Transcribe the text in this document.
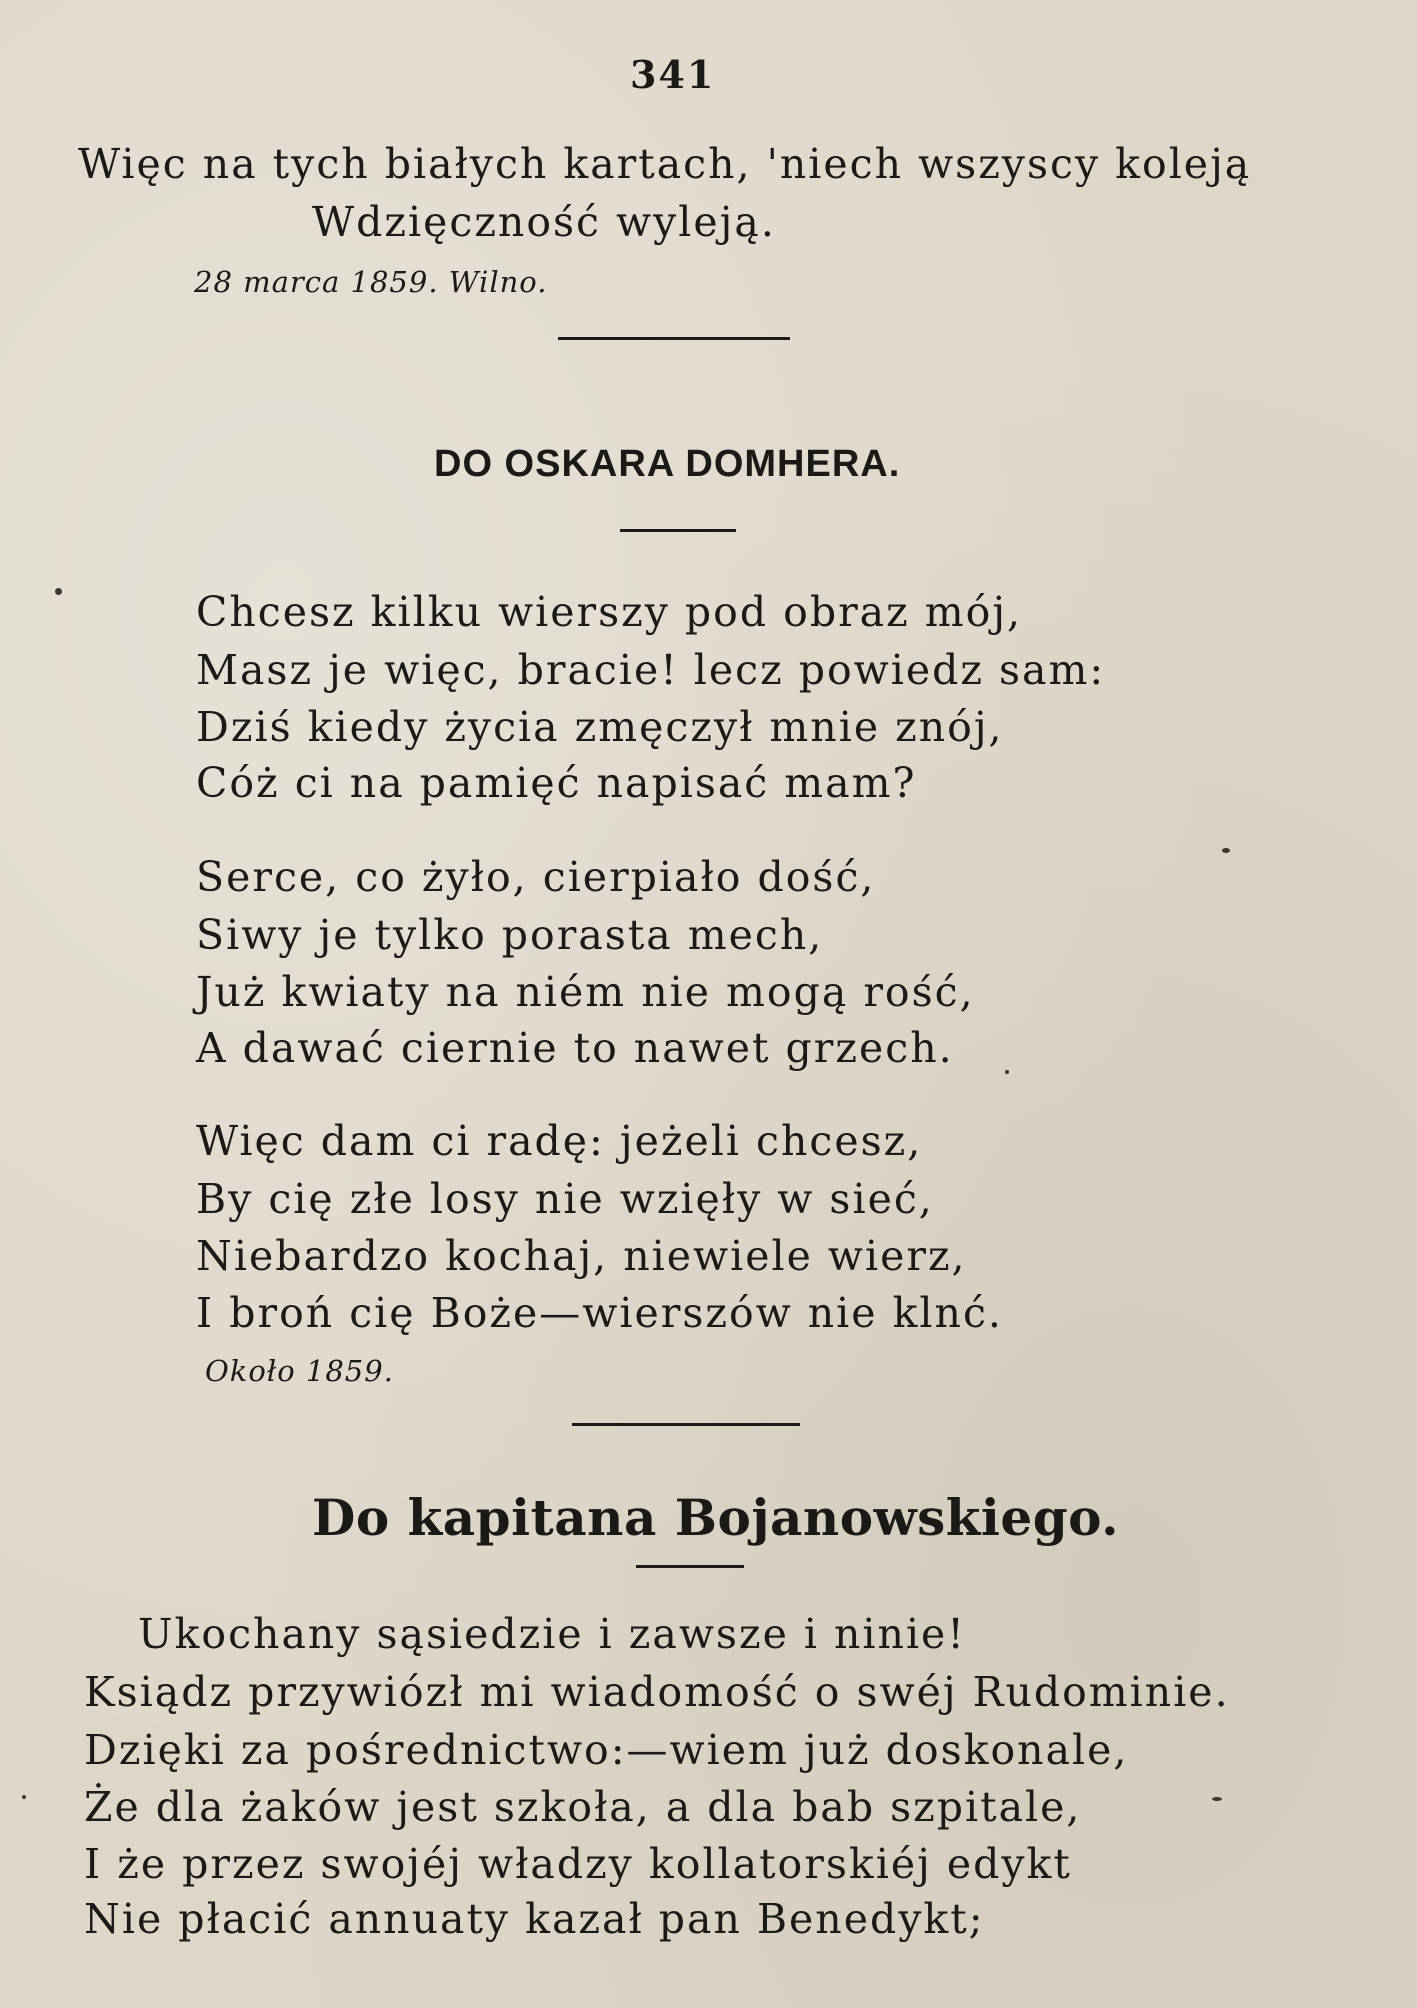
341
Więc na tych białych kartach, 'niech wszyscy koleją
Wdzięczność wyleją.
28 marca 1859. Wilno.
DO OSKARA DOMHERA.
Chcesz kilku wierszy pod obraz mój,
Masz je więc, bracie! lecz powiedz sam:
Dziś kiedy życia zmęczył mnie znój,
Cóż ci na pamięć napisać mam?
Serce, co żyło, cierpiało dość,
Siwy je tylko porasta mech,
Już kwiaty na niém nie mogą rość,
A dawać ciernie to nawet grzech.
Więc dam ci radę: jeżeli chcesz,
By cię złe losy nie wzięły w sieć,
Niebardzo kochaj, niewiele wierz,
I broń cię Boże—wierszów nie klnć.
Około 1859.
Do kapitana Bojanowskiego.
Ukochany sąsiedzie i zawsze i ninie!
Ksiądz przywiózł mi wiadomość o swéj Rudominie.
Dzięki za pośrednictwo:—wiem już doskonale,
Że dla żaków jest szkoła, a dla bab szpitale,
I że przez swojéj władzy kollatorskiéj edykt
Nie płacić annuaty kazał pan Benedykt;
